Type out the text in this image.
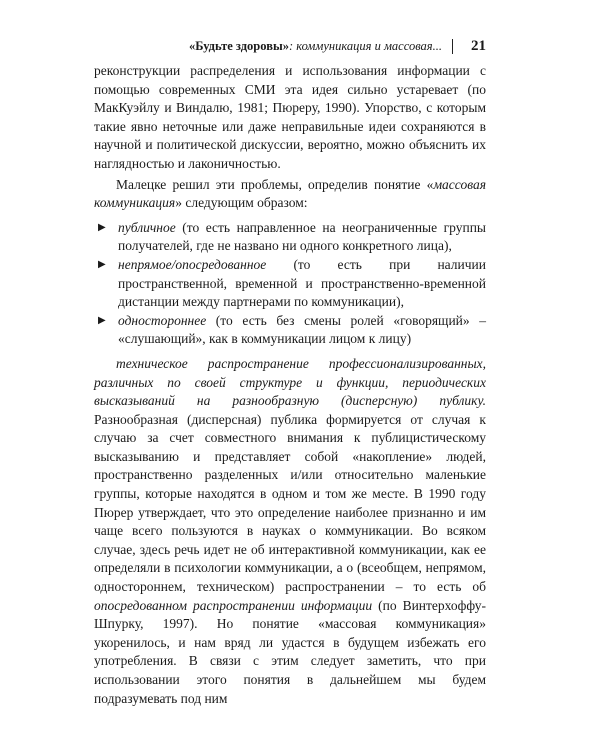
«Будьте здоровы» : коммуникация и массовая... 21

реконструкции распределения и использования информации с помощью современных СМИ эта идея сильно устаревает (по МакКуэйлу и Виндалю, 1981; Пюреру, 1990). Упорство, с которым такие явно неточные или даже неправильные идеи сохраняются в научной и политической дискуссии, вероятно, можно объяснить их наглядностью и лаконичностью.

Малецке решил эти проблемы, определив понятие «массовая коммуникация» следующим образом:

▶ публичное (то есть направленное на неограниченные группы получателей, где не названо ни одного конкретного лица),
▶ непрямое/опосредованное (то есть при наличии пространственной, временной и пространственно-временной дистанции между партнерами по коммуникации),
▶ одностороннее (то есть без смены ролей «говорящий» – «слушающий», как в коммуникации лицом к лицу)

техническое распространение профессионализированных, различных по своей структуре и функции, периодических высказываний на разнообразную (дисперсную) публику. Разнообразная (дисперсная) публика формируется от случая к случаю за счет совместного внимания к публицистическому высказыванию и представляет собой «накопление» людей, пространственно разделенных и/или относительно маленькие группы, которые находятся в одном и том же месте. В 1990 году Пюрер утверждает, что это определение наиболее признанно и им чаще всего пользуются в науках о коммуникации. Во всяком случае, здесь речь идет не об интерактивной коммуникации, как ее определяли в психологии коммуникации, а о (всеобщем, непрямом, одностороннем, техническом) распространении – то есть об опосредованном распространении информации (по Винтерхоффу-Шпурку, 1997). Но понятие «массовая коммуникация» укоренилось, и нам вряд ли удастся в будущем избежать его употребления. В связи с этим следует заметить, что при использовании этого понятия в дальнейшем мы будем подразумевать под ним
